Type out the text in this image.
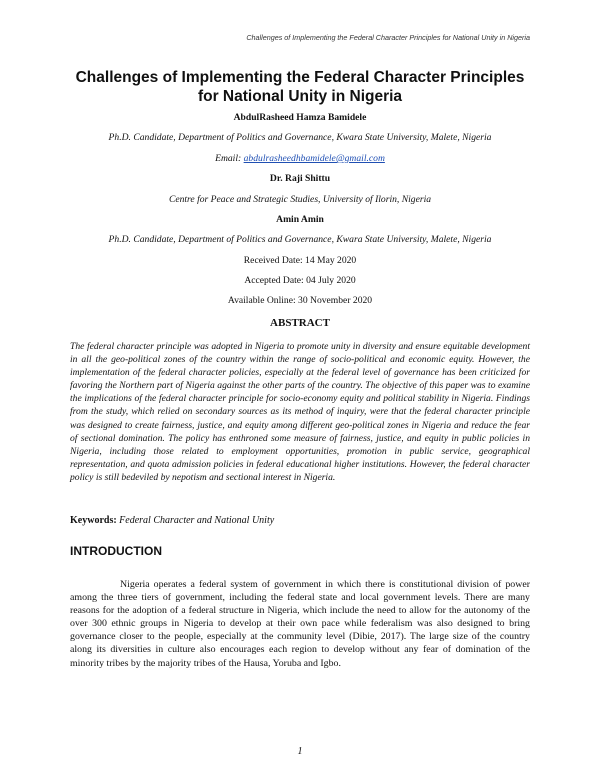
Challenges of Implementing the Federal Character Principles for National Unity in Nigeria
Challenges of Implementing the Federal Character Principles for National Unity in Nigeria
AbdulRasheed Hamza Bamidele
Ph.D. Candidate, Department of Politics and Governance, Kwara State University, Malete, Nigeria
Email: abdulrasheedhbamidele@gmail.com
Dr. Raji Shittu
Centre for Peace and Strategic Studies, University of Ilorin, Nigeria
Amin Amin
Ph.D. Candidate, Department of Politics and Governance, Kwara State University, Malete, Nigeria
Received Date: 14 May 2020
Accepted Date: 04 July 2020
Available Online: 30 November 2020
ABSTRACT

The federal character principle was adopted in Nigeria to promote unity in diversity and ensure equitable development in all the geo-political zones of the country within the range of socio-political and economic equity. However, the implementation of the federal character policies, especially at the federal level of governance has been criticized for favoring the Northern part of Nigeria against the other parts of the country. The objective of this paper was to examine the implications of the federal character principle for socio-economy equity and political stability in Nigeria. Findings from the study, which relied on secondary sources as its method of inquiry, were that the federal character principle was designed to create fairness, justice, and equity among different geo-political zones in Nigeria and reduce the fear of sectional domination. The policy has enthroned some measure of fairness, justice, and equity in public policies in Nigeria, including those related to employment opportunities, promotion in public service, geographical representation, and quota admission policies in federal educational higher institutions. However, the federal character policy is still bedeviled by nepotism and sectional interest in Nigeria.

Keywords: Federal Character and National Unity
INTRODUCTION

Nigeria operates a federal system of government in which there is constitutional division of power among the three tiers of government, including the federal state and local government levels. There are many reasons for the adoption of a federal structure in Nigeria, which include the need to allow for the autonomy of the over 300 ethnic groups in Nigeria to develop at their own pace while federalism was also designed to bring governance closer to the people, especially at the community level (Dibie, 2017). The large size of the country along its diversities in culture also encourages each region to develop without any fear of domination of the minority tribes by the majority tribes of the Hausa, Yoruba and Igbo.

1
